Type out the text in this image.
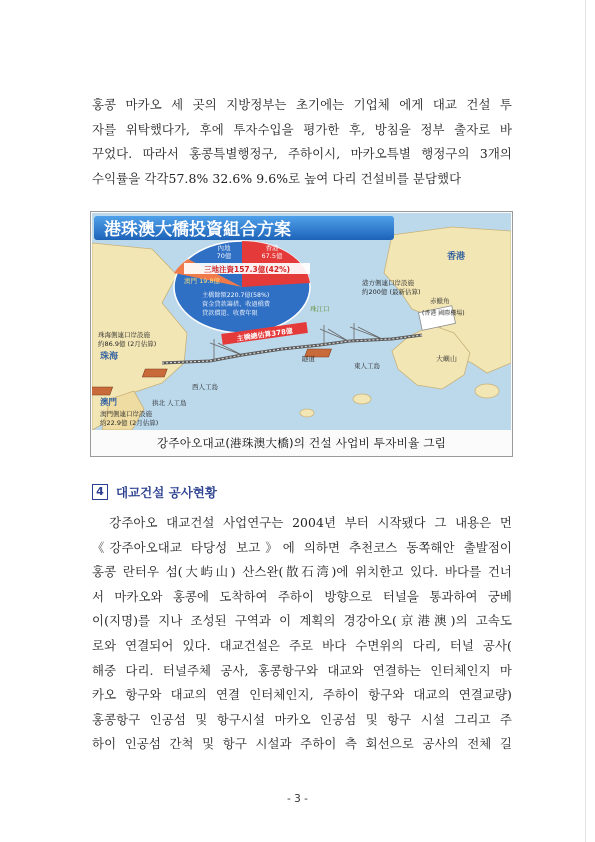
홍콩 마카오 세 곳의 지방정부는 초기에는 기업체 에게 대교 건설 투
자를 위탁했다가, 후에 투자수입을 평가한 후, 방침을 정부 출자로 바
꾸었다. 따라서 홍콩특별행정구, 주하이시, 마카오특별 행정구의 3개의
수익률을 각각57.8% 32.6% 9.6%로 높여 다리 건설비를 분담했다
港珠澳大橋投資組合方案
三地注資157.3億(42%)
內地
70億
香港
67.5億
澳門 19.8億
主橋餘額220.7億(58%)
資金貸款籌措、收過橋費
貸款償還、收費年限
珠江口
主橋總估算378億
香港
珠海
澳門
大嶼山
赤鱲角
珠海側連口岸設施
約86.9億 (2月估算)
澳門側連口岸設施
約22.9億 (2月估算)
港方側連口岸設施
約200億 (最新估算)
(香港 國際機場)
隧道
東人工島
西人工島
拱北 人工島
강주아오대교(港珠澳大橋)의 건설 사업비 투자비율 그림
4 대교건설 공사현황
강주아오 대교건설 사업연구는 2004년 부터 시작됐다 그 내용은 먼
《강주아오대교 타당성 보고》에 의하면 추천코스 동쪽해안 출발점이
홍콩 란터우 섬(大屿山) 산스완(散石湾)에 위치한고 있다. 바다를 건너
서 마카오와 홍콩에 도착하여 주하이 방향으로 터널을 통과하여 궁베
이(지명)를 지나 조성된 구역과 이 계획의 경강아오(京港澳)의 고속도
로와 연결되어 있다. 대교건설은 주로 바다 수면위의 다리, 터널 공사(
해중 다리. 터널주체 공사, 홍콩항구와 대교와 연결하는 인터체인지 마
카오 항구와 대교의 연결 인터체인지, 주하이 항구와 대교의 연결교량)
홍콩항구 인공섬 및 항구시설 마카오 인공섬 및 항구 시설 그리고 주
하이 인공섬 간척 및 항구 시설과 주하이 측 회선으로 공사의 전체 길
- 3 -
